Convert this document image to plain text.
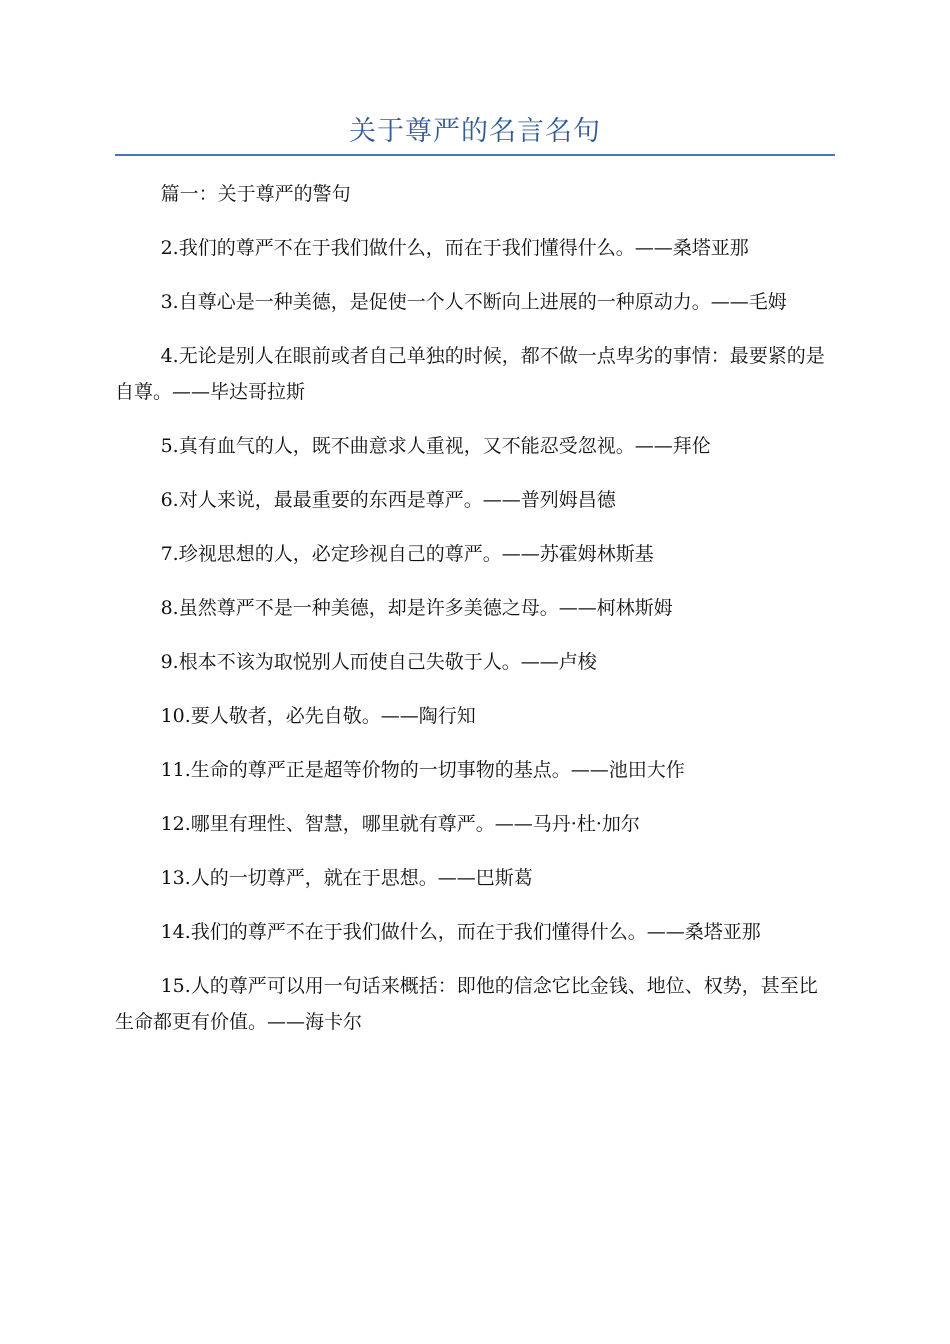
关于尊严的名言名句

篇一：关于尊严的警句

2.我们的尊严不在于我们做什么，而在于我们懂得什么。——桑塔亚那

3.自尊心是一种美德，是促使一个人不断向上进展的一种原动力。——毛姆

4.无论是别人在眼前或者自己单独的时候，都不做一点卑劣的事情：最要紧的是自尊。——毕达哥拉斯

5.真有血气的人，既不曲意求人重视，又不能忍受忽视。——拜伦

6.对人来说，最最重要的东西是尊严。——普列姆昌德

7.珍视思想的人，必定珍视自己的尊严。——苏霍姆林斯基

8.虽然尊严不是一种美德，却是许多美德之母。——柯林斯姆

9.根本不该为取悦别人而使自己失敬于人。——卢梭

10.要人敬者，必先自敬。——陶行知

11.生命的尊严正是超等价物的一切事物的基点。——池田大作

12.哪里有理性、智慧，哪里就有尊严。——马丹·杜·加尔

13.人的一切尊严，就在于思想。——巴斯葛

14.我们的尊严不在于我们做什么，而在于我们懂得什么。——桑塔亚那

15.人的尊严可以用一句话来概括：即他的信念它比金钱、地位、权势，甚至比生命都更有价值。——海卡尔
